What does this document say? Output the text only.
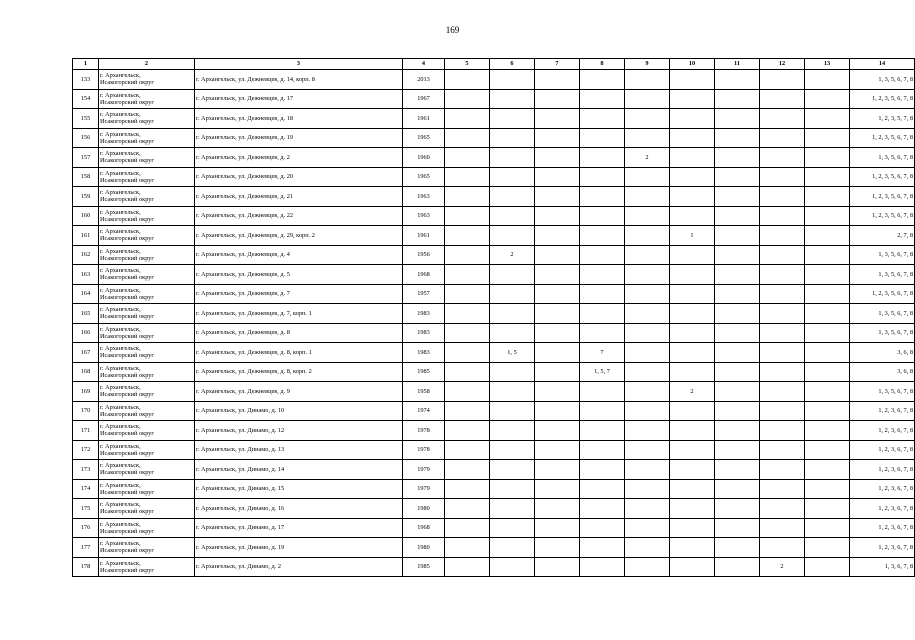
169
1	2	3	4	5	6	7	8	9	10	11	12	13	14
133	г. Архангельск,
Исакогорский округ	г. Архангельск, ул. Дежневцев, д. 14, корп. 8	2013										1, 3, 5, 6, 7, 8
154	г. Архангельск,
Исакогорский округ	г. Архангельск, ул. Дежневцев, д. 17	1967										1, 2, 3, 5, 6, 7, 8
155	г. Архангельск,
Исакогорский округ	г. Архангельск, ул. Дежневцев, д. 18	1961										1, 2, 3, 5, 7, 8
156	г. Архангельск,
Исакогорский округ	г. Архангельск, ул. Дежневцев, д. 19	1965										1, 2, 3, 5, 6, 7, 8
157	г. Архангельск,
Исакогорский округ	г. Архангельск, ул. Дежневцев, д. 2	1960					2					1, 3, 5, 6, 7, 8
158	г. Архангельск,
Исакогорский округ	г. Архангельск, ул. Дежневцев, д. 20	1965										1, 2, 3, 5, 6, 7, 8
159	г. Архангельск,
Исакогорский округ	г. Архангельск, ул. Дежневцев, д. 21	1963										1, 2, 3, 5, 6, 7, 8
160	г. Архангельск,
Исакогорский округ	г. Архангельск, ул. Дежневцев, д. 22	1963										1, 2, 3, 5, 6, 7, 8
161	г. Архангельск,
Исакогорский округ	г. Архангельск, ул. Дежневцев, д. 29, корп. 2	1961						1				2, 7, 8
162	г. Архангельск,
Исакогорский округ	г. Архангельск, ул. Дежневцев, д. 4	1956		2								1, 3, 5, 6, 7, 8
163	г. Архангельск,
Исакогорский округ	г. Архангельск, ул. Дежневцев, д. 5	1968										1, 3, 5, 6, 7, 8
164	г. Архангельск,
Исакогорский округ	г. Архангельск, ул. Дежневцев, д. 7	1957										1, 2, 3, 5, 6, 7, 8
165	г. Архангельск,
Исакогорский округ	г. Архангельск, ул. Дежневцев, д. 7, корп. 1	1983										1, 3, 5, 6, 7, 8
166	г. Архангельск,
Исакогорский округ	г. Архангельск, ул. Дежневцев, д. 8	1983										1, 3, 5, 6, 7, 8
167	г. Архангельск,
Исакогорский округ	г. Архангельск, ул. Дежневцев, д. 8, корп. 1	1983		1, 5		7						3, 6, 8
168	г. Архангельск,
Исакогорский округ	г. Архангельск, ул. Дежневцев, д. 8, корп. 2	1985				1, 5, 7						3, 6, 8
169	г. Архангельск,
Исакогорский округ	г. Архангельск, ул. Дежневцев, д. 9	1958						2				1, 3, 5, 6, 7, 8
170	г. Архангельск,
Исакогорский округ	г. Архангельск, ул. Динамо, д. 10	1974										1, 2, 3, 6, 7, 8
171	г. Архангельск,
Исакогорский округ	г. Архангельск, ул. Динамо, д. 12	1978										1, 2, 3, 6, 7, 8
172	г. Архангельск,
Исакогорский округ	г. Архангельск, ул. Динамо, д. 13	1978										1, 2, 3, 6, 7, 8
173	г. Архангельск,
Исакогорский округ	г. Архангельск, ул. Динамо, д. 14	1979										1, 2, 3, 6, 7, 8
174	г. Архангельск,
Исакогорский округ	г. Архангельск, ул. Динамо, д. 15	1979										1, 2, 3, 6, 7, 8
175	г. Архангельск,
Исакогорский округ	г. Архангельск, ул. Динамо, д. 16	1980										1, 2, 3, 6, 7, 8
176	г. Архангельск,
Исакогорский округ	г. Архангельск, ул. Динамо, д. 17	1968										1, 2, 3, 6, 7, 8
177	г. Архангельск,
Исакогорский округ	г. Архангельск, ул. Динамо, д. 19	1980										1, 2, 3, 6, 7, 8
178	г. Архангельск,
Исакогорский округ	г. Архангельск, ул. Динамо, д. 2	1985								2		1, 3, 6, 7, 8
